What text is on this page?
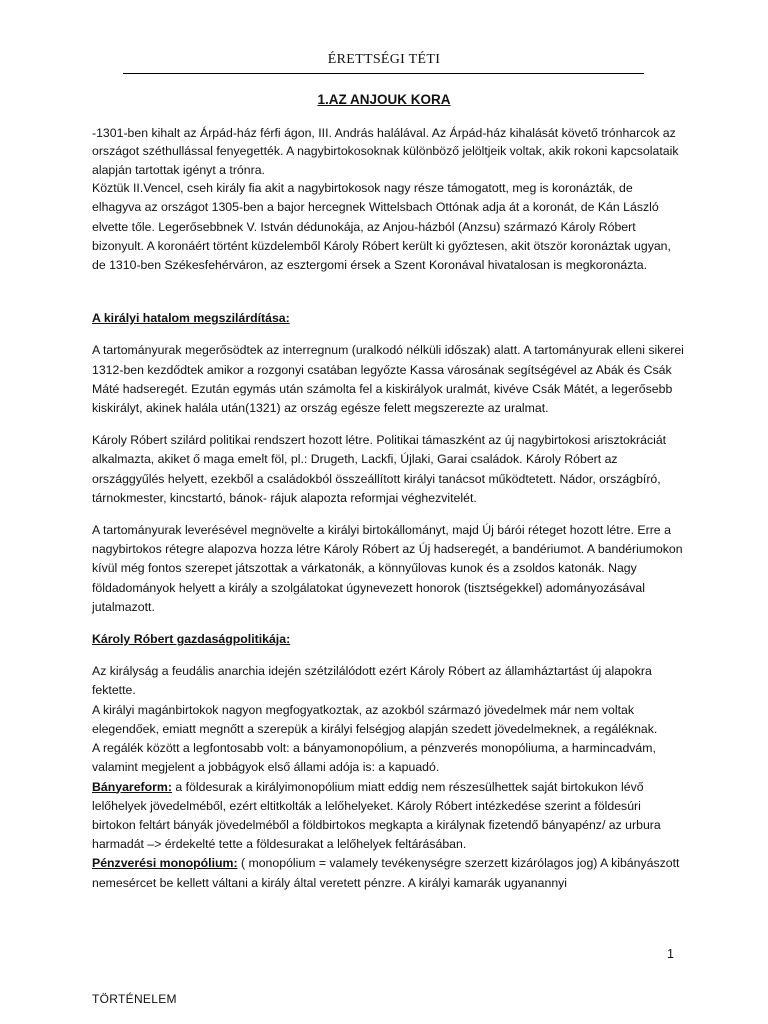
ÉRETTSÉGI TÉTI
1.AZ ANJOUK KORA

-1301-ben kihalt az Árpád-ház férfi ágon, III. András halálával. Az Árpád-ház kihalását követő trónharcok az országot széthullással fenyegették. A nagybirtokosoknak különböző jelöltjeik voltak, akik rokoni kapcsolataik alapján tartottak igényt a trónra.

Köztük II.Vencel, cseh király fia akit a nagybirtokosok nagy része támogatott, meg is koronázták, de elhagyva az országot 1305-ben a bajor hercegnek Wittelsbach Ottónak adja át a koronát, de Kán László elvette tőle. Legerősebbnek V. István dédunokája, az Anjou-házból (Anzsu) származó Károly Róbert bizonyult. A koronáért történt küzdelemből Károly Róbert került ki győztesen, akit ötször koronáztak ugyan, de 1310-ben Székesfehérváron, az esztergomi érsek a Szent Koronával hivatalosan is megkoronázta.

A királyi hatalom megszilárdítása:

A tartományurak megerősödtek az interregnum (uralkodó nélküli időszak) alatt. A tartományurak elleni sikerei 1312-ben kezdődtek amikor a rozgonyi csatában legyőzte Kassa városának segítségével az Abák és Csák Máté hadseregét. Ezután egymás után számolta fel a kiskirályok uralmát, kivéve Csák Mátét, a legerősebb kiskirályt, akinek halála után(1321) az ország egésze felett megszerezte az uralmat.

Károly Róbert szilárd politikai rendszert hozott létre. Politikai támaszként az új nagybirtokosi arisztokráciát alkalmazta, akiket ő maga emelt föl, pl.: Drugeth, Lackfi, Újlaki, Garai családok. Károly Róbert az országgyűlés helyett, ezekből a családokból összeállított királyi tanácsot működtetett. Nádor, országbíró, tárnokmester, kincstartó, bánok- rájuk alapozta reformjai véghezvitelét.

A tartományurak leverésével megnövelte a királyi birtokállományt, majd Új bárói réteget hozott létre. Erre a nagybirtokos rétegre alapozva hozza létre Károly Róbert az Új hadseregét, a bandériumot. A bandériumokon kívül még fontos szerepet játszottak a várkatonák, a könnyűlovas kunok és a zsoldos katonák. Nagy földadományok helyett a király a szolgálatokat úgynevezett honorok (tisztségekkel) adományozásával jutalmazott.

Károly Róbert gazdaságpolitikája:

Az királyság a feudális anarchia idején szétzilálódott ezért Károly Róbert az államháztartást új alapokra fektette.

A királyi magánbirtokok nagyon megfogyatkoztak, az azokból származó jövedelmek már nem voltak elegendőek, emiatt megnőtt a szerepük a királyi felségjog alapján szedett jövedelmeknek, a regáléknak.

A regálék között a legfontosabb volt: a bányamonopólium, a pénzverés monopóliuma, a harmincadvám, valamint megjelent a jobbágyok első állami adója is: a kapuadó.

Bányareform: a földesurak a királyimonopólium miatt eddig nem részesülhettek saját birtokukon lévő lelőhelyek jövedelméből, ezért eltitkolták a lelőhelyeket. Károly Róbert intézkedése szerint a földesúri birtokon feltárt bányák jövedelméből a földbirtokos megkapta a királynak fizetendő bányapénz/ az urbura harmadát –> érdekelté tette a földesurakat a lelőhelyek feltárásában.

Pénzverési monopólium: ( monopólium = valamely tevékenységre szerzett kizárólagos jog) A kibányászott nemesércet be kellett váltani a király által veretett pénzre. A királyi kamarák ugyanannyi

1
TÖRTÉNELEM
